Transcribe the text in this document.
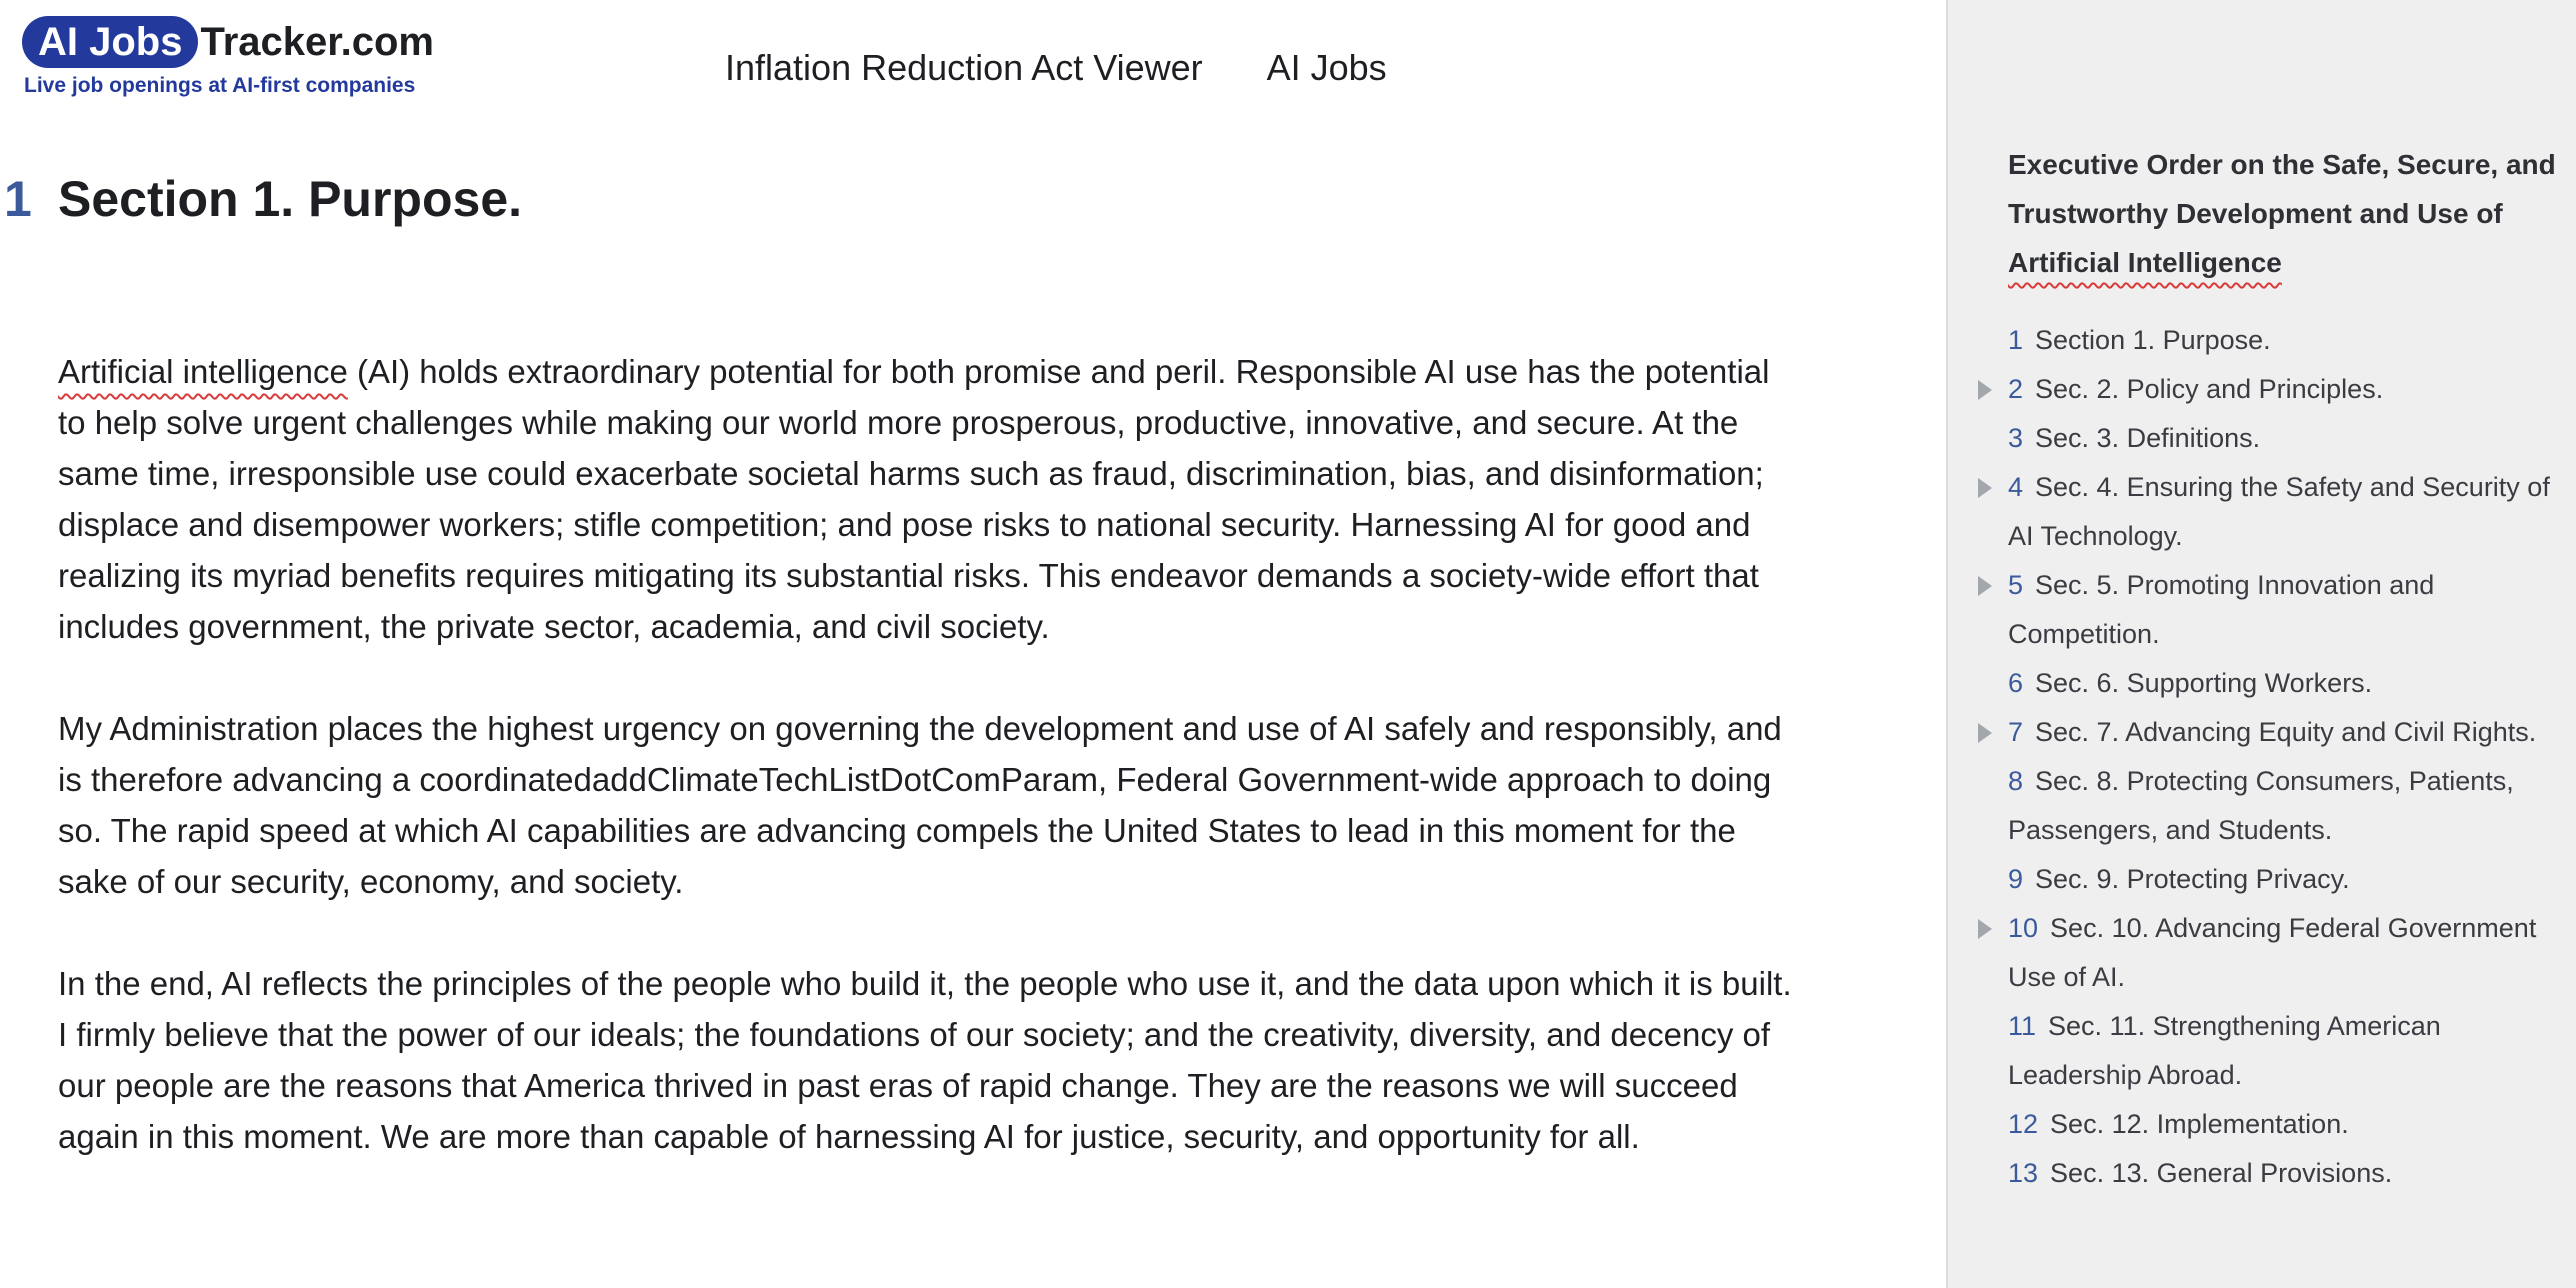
AI Jobs Tracker.com
Live job openings at AI-first companies	Inflation Reduction Act Viewer AI Jobs
1 Section 1. Purpose.

Artificial intelligence (AI) holds extraordinary potential for both promise and peril. Responsible AI use has the potential to help solve urgent challenges while making our world more prosperous, productive, innovative, and secure. At the same time, irresponsible use could exacerbate societal harms such as fraud, discrimination, bias, and disinformation; displace and disempower workers; stifle competition; and pose risks to national security. Harnessing AI for good and realizing its myriad benefits requires mitigating its substantial risks. This endeavor demands a society-wide effort that includes government, the private sector, academia, and civil society.

My Administration places the highest urgency on governing the development and use of AI safely and responsibly, and is therefore advancing a coordinatedaddClimateTechListDotComParam, Federal Government-wide approach to doing so. The rapid speed at which AI capabilities are advancing compels the United States to lead in this moment for the sake of our security, economy, and society.

In the end, AI reflects the principles of the people who build it, the people who use it, and the data upon which it is built. I firmly believe that the power of our ideals; the foundations of our society; and the creativity, diversity, and decency of our people are the reasons that America thrived in past eras of rapid change. They are the reasons we will succeed again in this moment. We are more than capable of harnessing AI for justice, security, and opportunity for all.

Executive Order on the Safe, Secure, and Trustworthy Development and Use of Artificial Intelligence
1 Section 1. Purpose.
2 Sec. 2. Policy and Principles.
3 Sec. 3. Definitions.
4 Sec. 4. Ensuring the Safety and Security of AI Technology.
5 Sec. 5. Promoting Innovation and Competition.
6 Sec. 6. Supporting Workers.
7 Sec. 7. Advancing Equity and Civil Rights.
8 Sec. 8. Protecting Consumers, Patients, Passengers, and Students.
9 Sec. 9. Protecting Privacy.
10 Sec. 10. Advancing Federal Government Use of AI.
11 Sec. 11. Strengthening American Leadership Abroad.
12 Sec. 12. Implementation.
13 Sec. 13. General Provisions.
